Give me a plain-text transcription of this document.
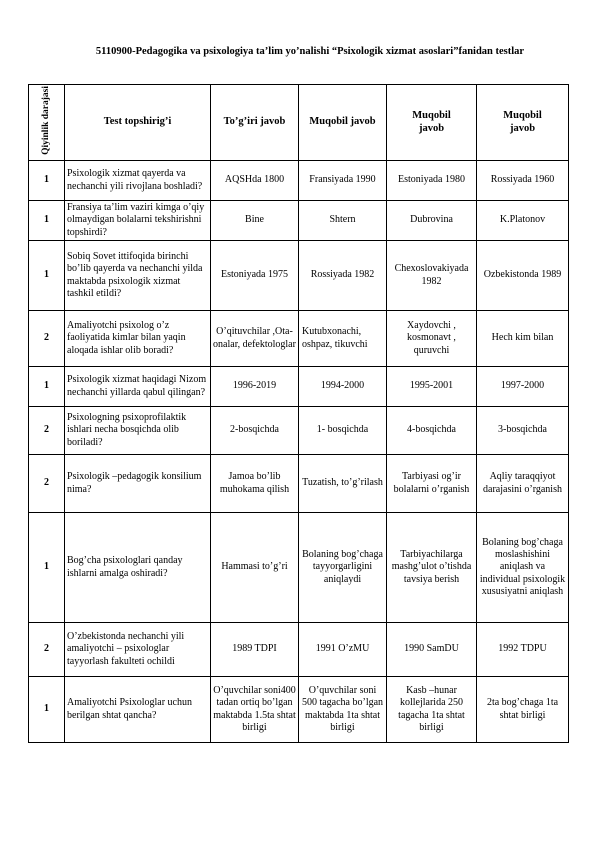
5110900-Pedagogika va psixologiya ta’lim yo’nalishi “Psixologik xizmat asoslari”fanidan testlar
Qiyinlik darajasi	Test topshirig’i	To’g’iri javob	Muqobil javob	Muqobil javob	Muqobil javob
1	Psixologik xizmat qayerda va nechanchi yili rivojlana boshladi?	AQSHda 1800	Fransiyada 1990	Estoniyada 1980	Rossiyada 1960
1	Fransiya ta’lim vaziri kimga o’qiy olmaydigan bolalarni tekshirishni topshirdi?	Bine	Shtern	Dubrovina	K.Platonov
1	Sobiq Sovet ittifoqida birinchi bo’lib qayerda va nechanchi yilda maktabda psixologik xizmat tashkil etildi?	Estoniyada 1975	Rossiyada 1982	Chexoslovakiyada 1982	Ozbekistonda 1989
2	Amaliyotchi psixolog o’z faoliyatida kimlar bilan yaqin aloqada ishlar olib boradi?	O’qituvchilar ,Ota-onalar, defektologlar	Kutubxonachi, oshpaz, tikuvchi	Xaydovchi , kosmonavt , quruvchi	Hech kim bilan
1	Psixologik xizmat haqidagi Nizom nechanchi yillarda qabul qilingan?	1996-2019	1994-2000	1995-2001	1997-2000
2	Psixologning psixoprofilaktik ishlari necha bosqichda olib boriladi?	2-bosqichda	1- bosqichda	4-bosqichda	3-bosqichda
2	Psixologik –pedagogik konsilium nima?	Jamoa bo’lib muhokama qilish	Tuzatish, to’g’rilash	Tarbiyasi og’ir bolalarni o’rganish	Aqliy taraqqiyot darajasini o’rganish
1	Bog’cha psixologlari qanday ishlarni amalga oshiradi?	Hammasi to’g’ri	Bolaning bog’chaga tayyorgarligini aniqlaydi	Tarbiyachilarga mashg’ulot o’tishda tavsiya berish	Bolaning bog’chaga moslashishini aniqlash va individual psixologik xususiyatni aniqlash
2	O’zbekistonda nechanchi yili amaliyotchi – psixologlar tayyorlash fakulteti ochildi	1989 TDPI	1991 O’zMU	1990 SamDU	1992 TDPU
1	Amaliyotchi Psixologlar uchun berilgan shtat qancha?	O’quvchilar soni400 tadan ortiq bo’lgan maktabda 1.5ta shtat birligi	O’quvchilar soni 500 tagacha bo’lgan maktabda 1ta shtat birligi	Kasb –hunar kollejlarida 250 tagacha 1ta shtat birligi	2ta bog’chaga 1ta shtat birligi
